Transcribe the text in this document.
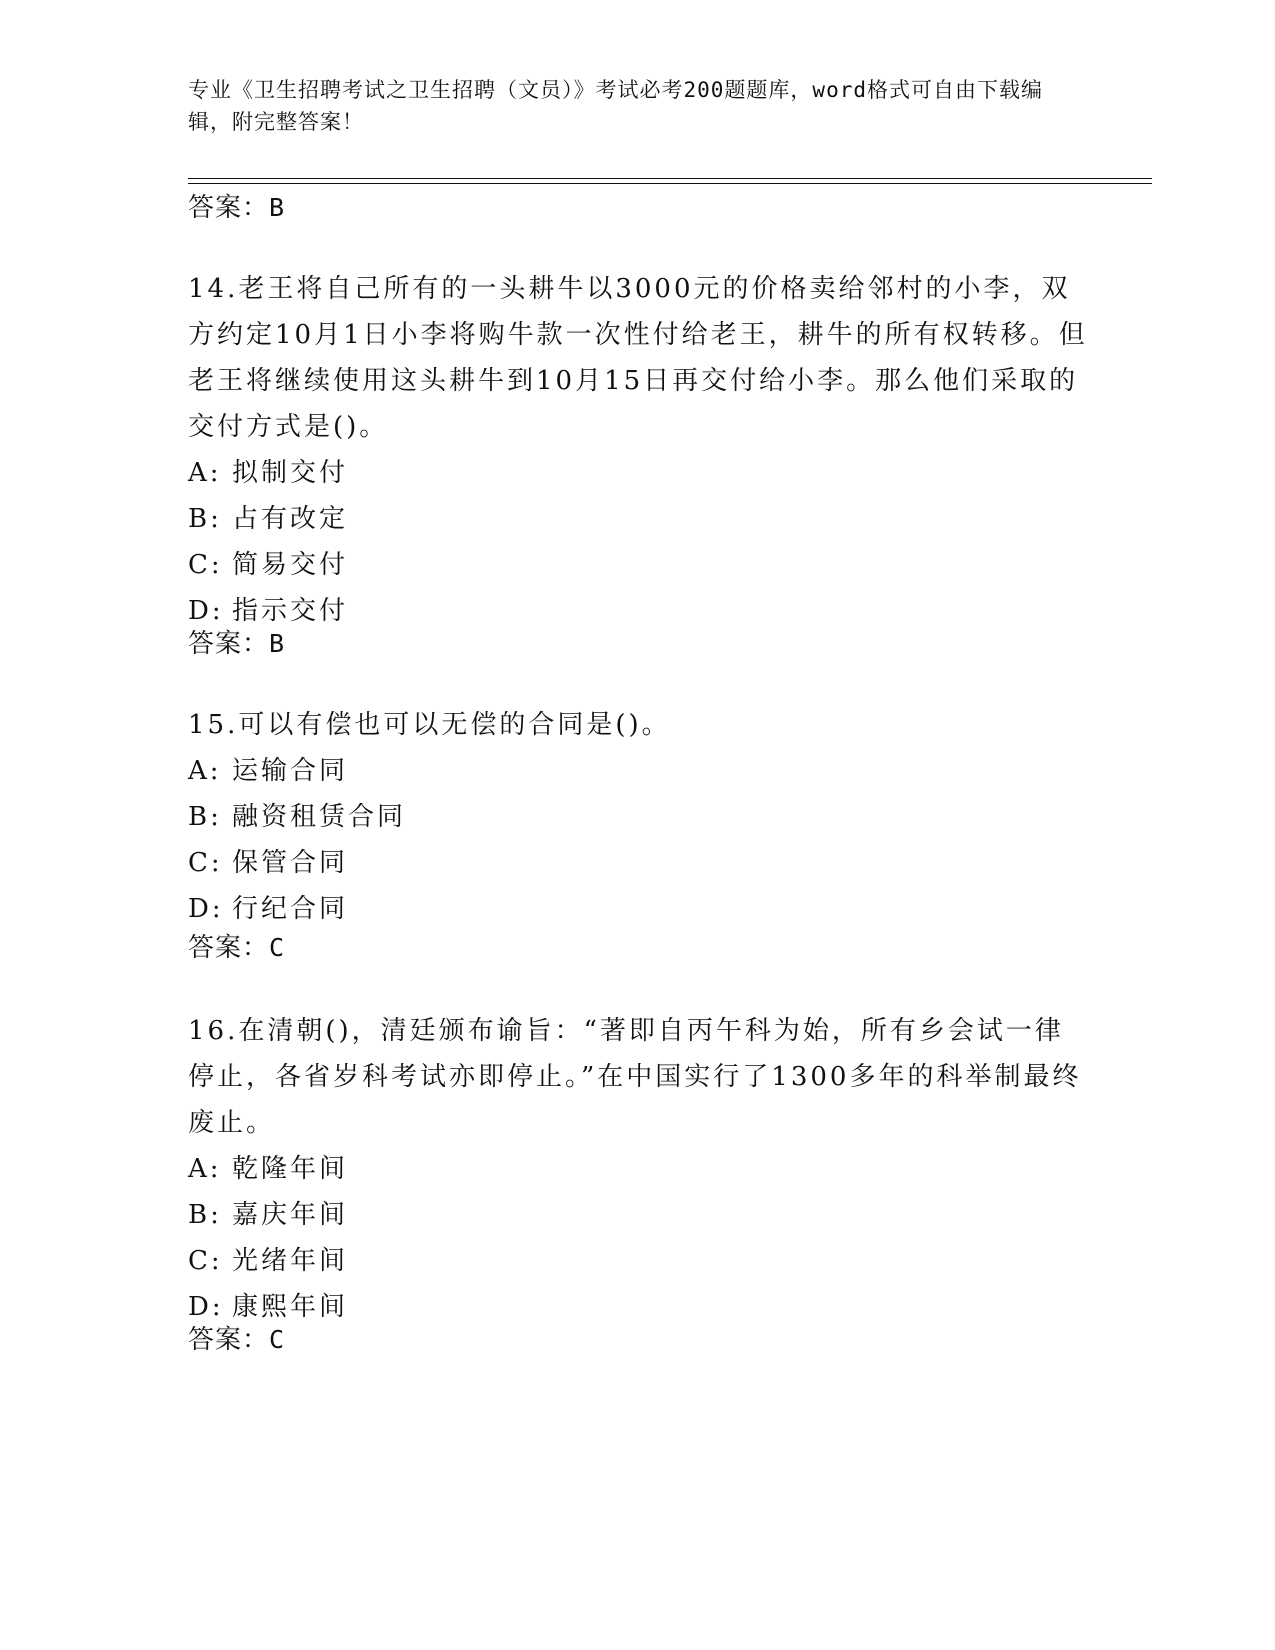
专业《卫生招聘考试之卫生招聘（文员）》考试必考200题题库，word格式可自由下载编辑，附完整答案！
答案：B

14.老王将自己所有的一头耕牛以3000元的价格卖给邻村的小李，双方约定10月1日小李将购牛款一次性付给老王，耕牛的所有权转移。但老王将继续使用这头耕牛到10月15日再交付给小李。那么他们采取的交付方式是()。

A: 拟制交付
B: 占有改定
C: 简易交付
D: 指示交付
答案：B

15.可以有偿也可以无偿的合同是()。

A: 运输合同
B: 融资租赁合同
C: 保管合同
D: 行纪合同
答案：C

16.在清朝()，清廷颁布谕旨：“著即自丙午科为始，所有乡会试一律停止，各省岁科考试亦即停止。”在中国实行了1300多年的科举制最终废止。

A: 乾隆年间
B: 嘉庆年间
C: 光绪年间
D: 康熙年间
答案：C
